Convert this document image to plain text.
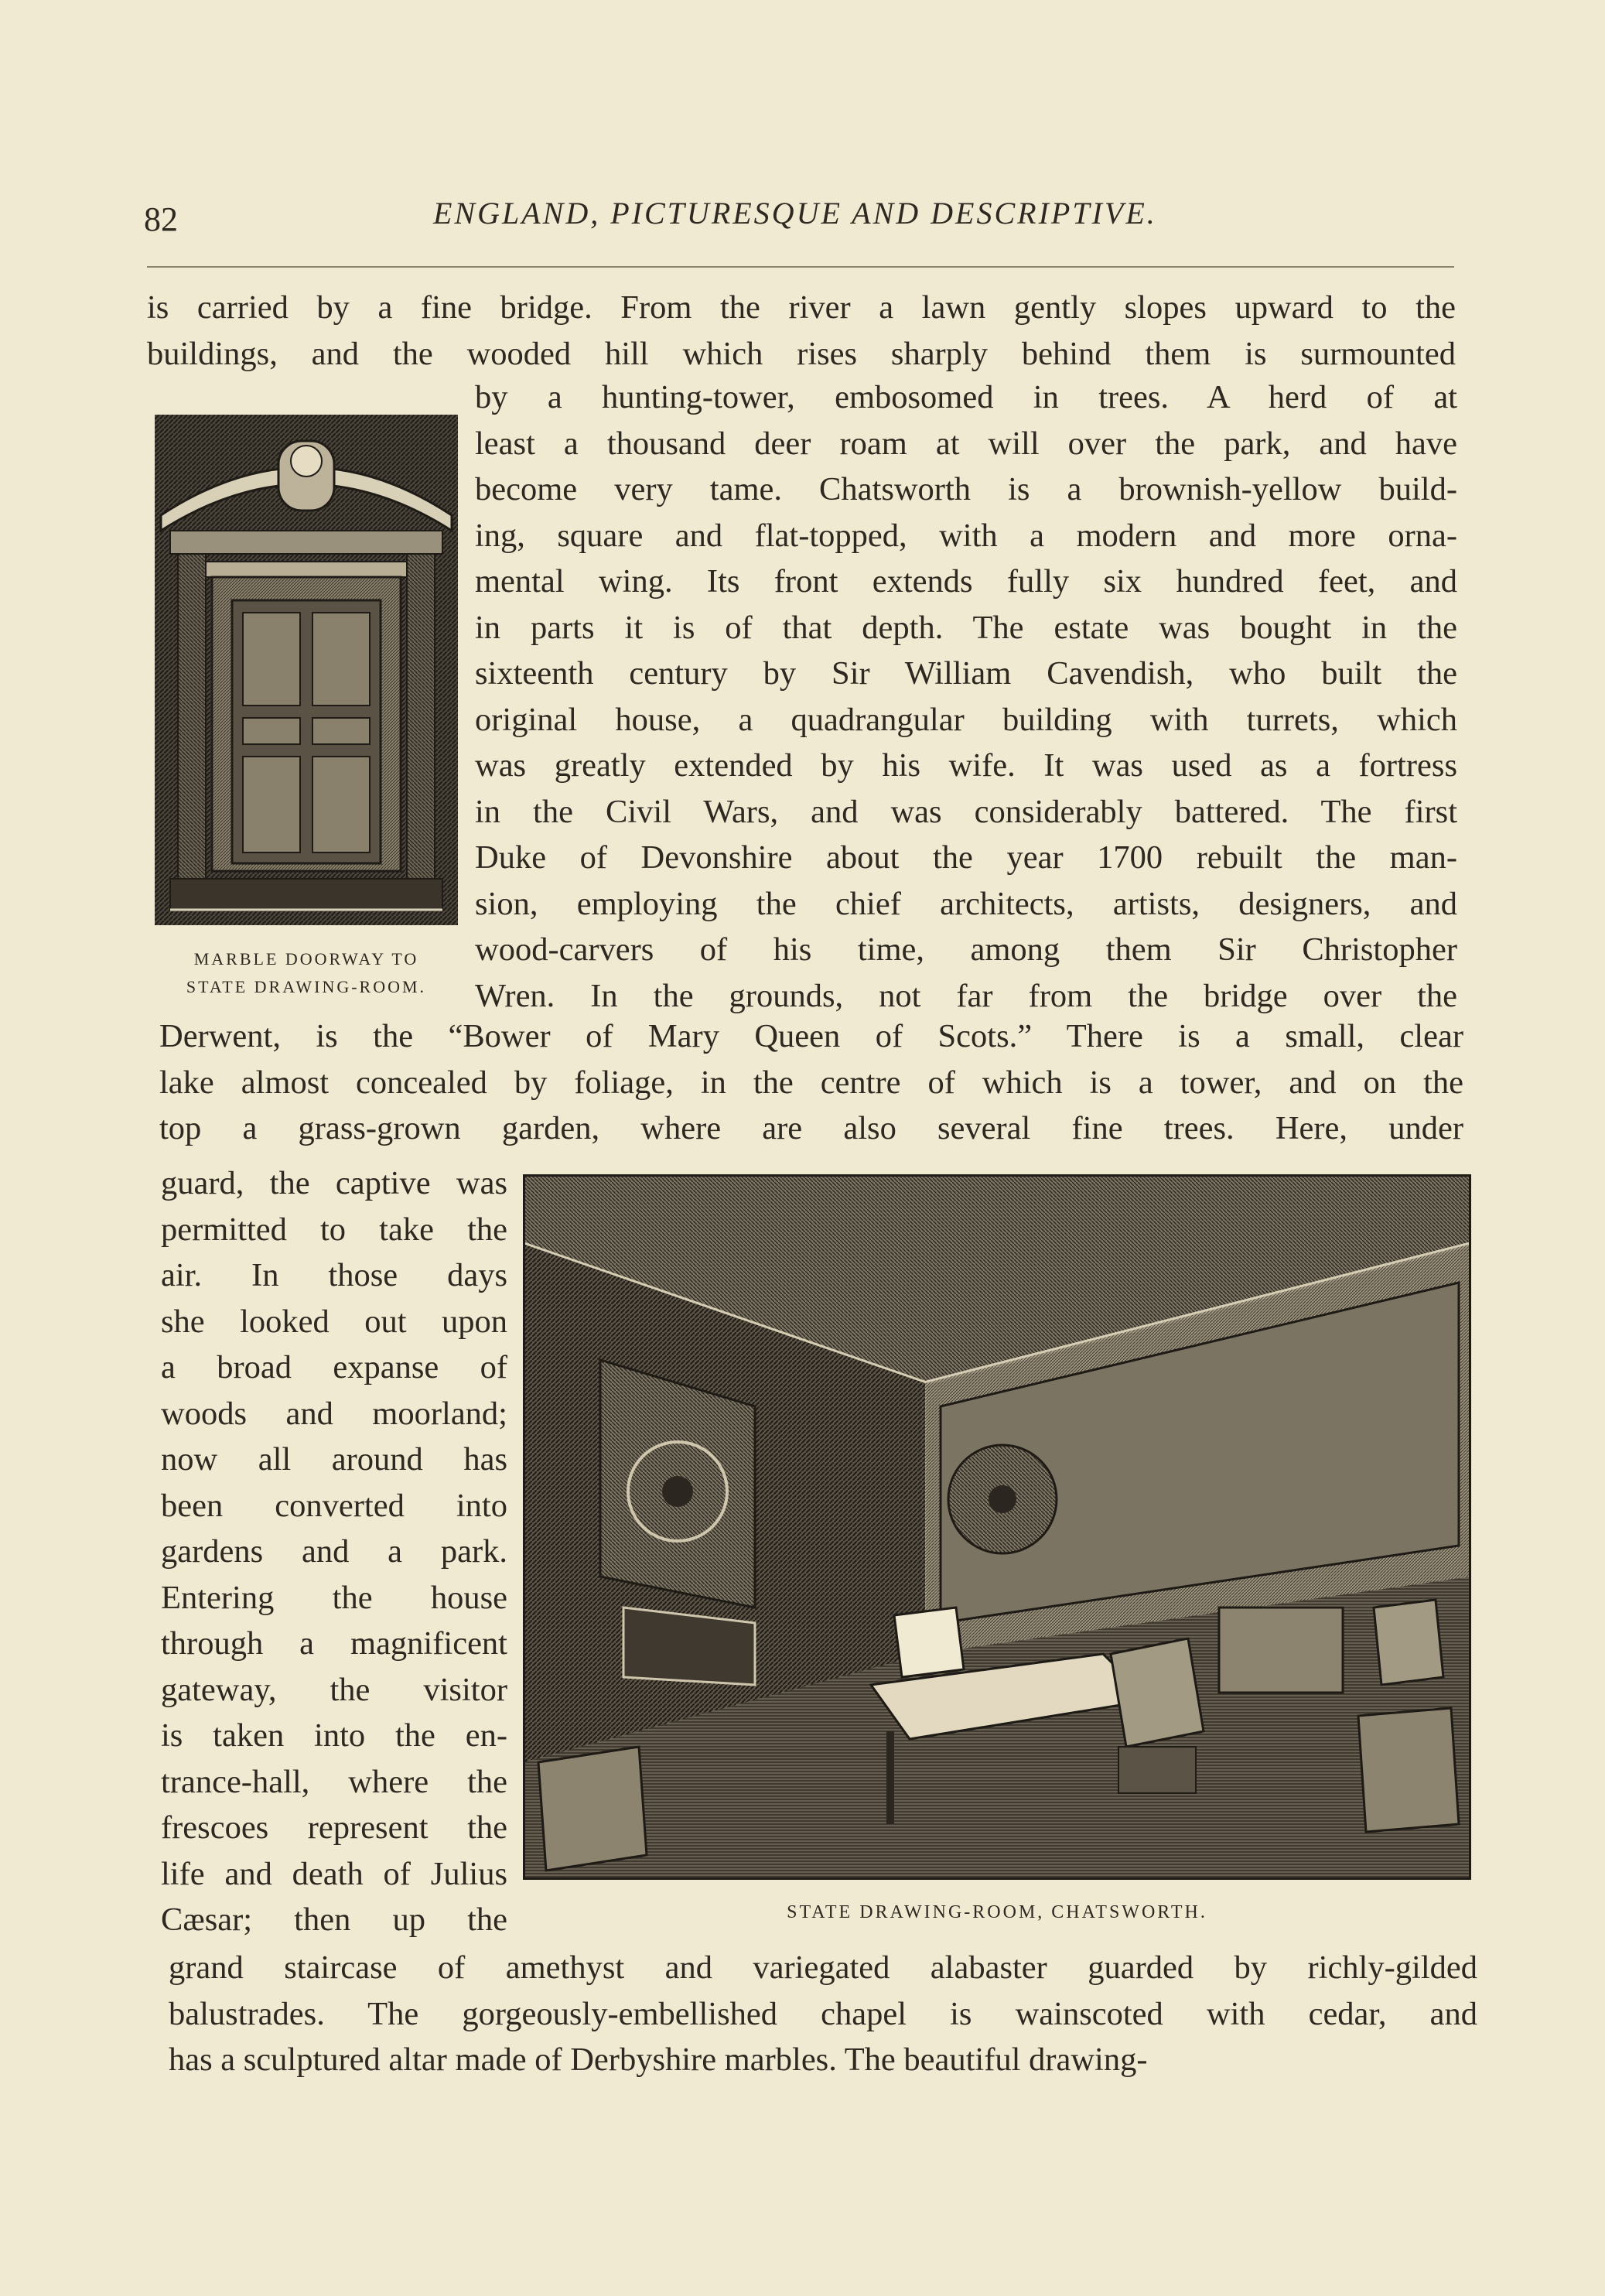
82	ENGLAND, PICTURESQUE AND DESCRIPTIVE.
is carried by a fine bridge. From the river a lawn gently slopes upward to the
buildings, and the wooded hill which rises sharply behind them is surmounted
MARBLE DOORWAY TO
STATE DRAWING-ROOM.
by a hunting-tower, embosomed in trees. A herd of at
least a thousand deer roam at will over the park, and have
become very tame. Chatsworth is a brownish-yellow build-
ing, square and flat-topped, with a modern and more orna-
mental wing. Its front extends fully six hundred feet, and
in parts it is of that depth. The estate was bought in the
sixteenth century by Sir William Cavendish, who built the
original house, a quadrangular building with turrets, which
was greatly extended by his wife. It was used as a fortress
in the Civil Wars, and was considerably battered. The first
Duke of Devonshire about the year 1700 rebuilt the man-
sion, employing the chief architects, artists, designers, and
wood-carvers of his time, among them Sir Christopher
Wren. In the grounds, not far from the bridge over the
Derwent, is the “Bower of Mary Queen of Scots.” There is a small, clear
lake almost concealed by foliage, in the centre of which is a tower, and on the
top a grass-grown garden, where are also several fine trees. Here, under
guard, the captive was
permitted to take the
air. In those days
she looked out upon
a broad expanse of
woods and moorland;
now all around has
been converted into
gardens and a park.
Entering the house
through a magnificent
gateway, the visitor
is taken into the en-
trance-hall, where the
frescoes represent the
life and death of Julius
Cæsar; then up the	STATE DRAWING-ROOM, CHATSWORTH.
grand staircase of amethyst and variegated alabaster guarded by richly-gilded
balustrades. The gorgeously-embellished chapel is wainscoted with cedar, and
has a sculptured altar made of Derbyshire marbles. The beautiful drawing-
